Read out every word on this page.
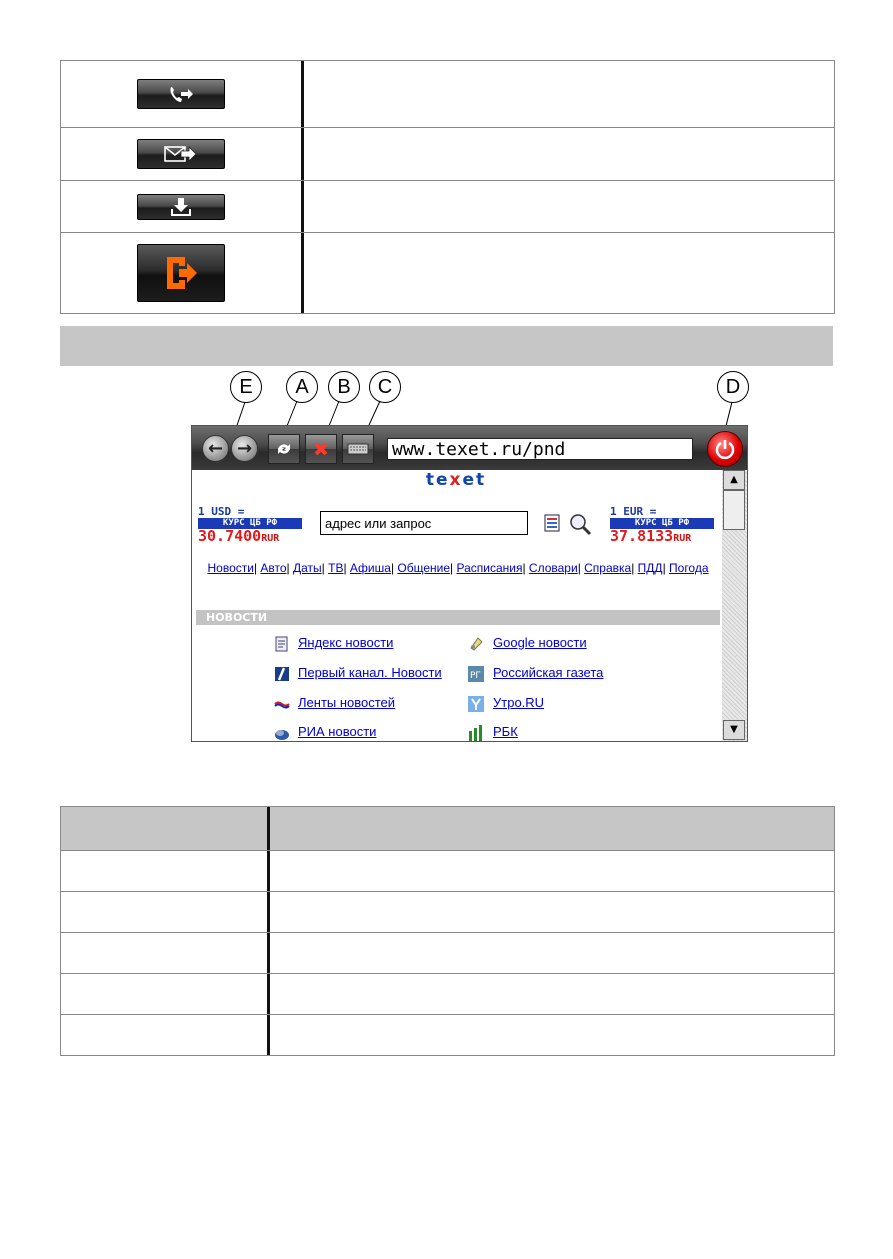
E	A	B	C	D
← →	www.texet.ru/pnd
texet
1 USD =
КУРС ЦБ РФ
30.7400RUR
адрес или запрос
1 EUR =
КУРС ЦБ РФ
37.8133RUR
Новости| Авто| Даты| ТВ| Афиша| Общение| Расписания| Словари| Справка| ПДД| Погода
НОВОСТИ
Яндекс новости
Первый канал. Новости
Ленты новостей
РИА новости
Google новости
РГ Российская газета
Утро.RU
РБК
▲
▼
